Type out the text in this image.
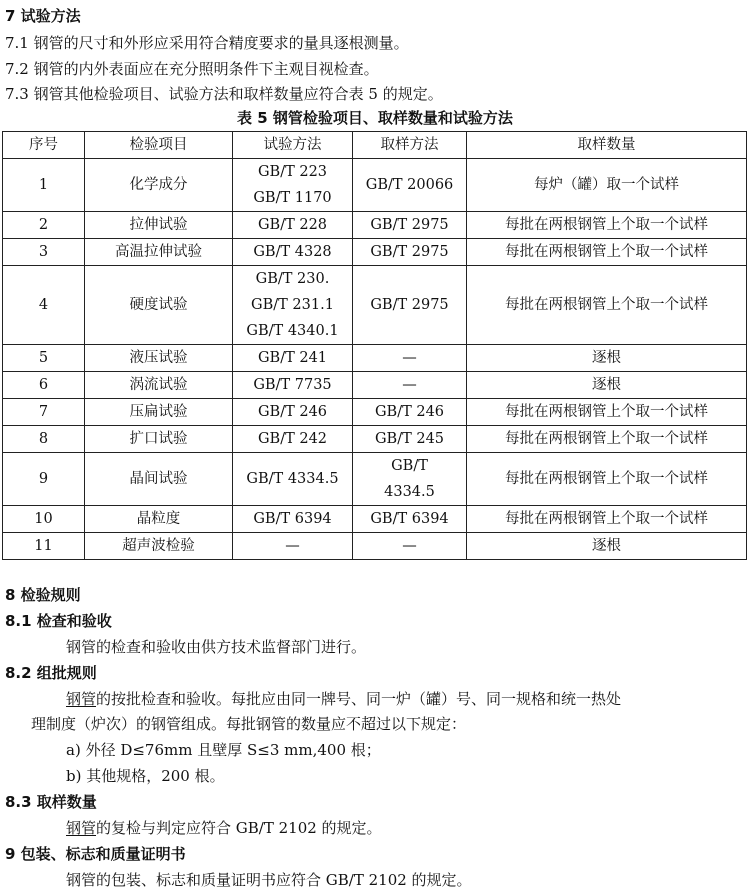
7 试验方法
7.1 钢管的尺寸和外形应采用符合精度要求的量具逐根测量。
7.2 钢管的内外表面应在充分照明条件下主观目视检查。
7.3 钢管其他检验项目、试验方法和取样数量应符合表 5 的规定。
表 5 钢管检验项目、取样数量和试验方法
序号	检验项目	试验方法	取样方法	取样数量
1	化学成分	GB/T 223
GB/T 1170	GB/T 20066	每炉（罐）取一个试样
2	拉伸试验	GB/T 228	GB/T 2975	每批在两根钢管上个取一个试样
3	高温拉伸试验	GB/T 4328	GB/T 2975	每批在两根钢管上个取一个试样
4	硬度试验	GB/T 230.
GB/T 231.1
GB/T 4340.1	GB/T 2975	每批在两根钢管上个取一个试样
5	液压试验	GB/T 241	—	逐根
6	涡流试验	GB/T 7735	—	逐根
7	压扁试验	GB/T 246	GB/T 246	每批在两根钢管上个取一个试样
8	扩口试验	GB/T 242	GB/T 245	每批在两根钢管上个取一个试样
9	晶间试验	GB/T 4334.5	GB/T
4334.5	每批在两根钢管上个取一个试样
10	晶粒度	GB/T 6394	GB/T 6394	每批在两根钢管上个取一个试样
11	超声波检验	—	—	逐根
8 检验规则
8.1 检查和验收
钢管的检查和验收由供方技术监督部门进行。
8.2 组批规则
钢管的按批检查和验收。每批应由同一牌号、同一炉（罐）号、同一规格和统一热处
理制度（炉次）的钢管组成。每批钢管的数量应不超过以下规定：
a) 外径 D≤76mm 且壁厚 S≤3 mm,400 根；
b) 其他规格，200 根。
8.3 取样数量
钢管的复检与判定应符合 GB/T 2102 的规定。
9 包装、标志和质量证明书
钢管的包装、标志和质量证明书应符合 GB/T 2102 的规定。
